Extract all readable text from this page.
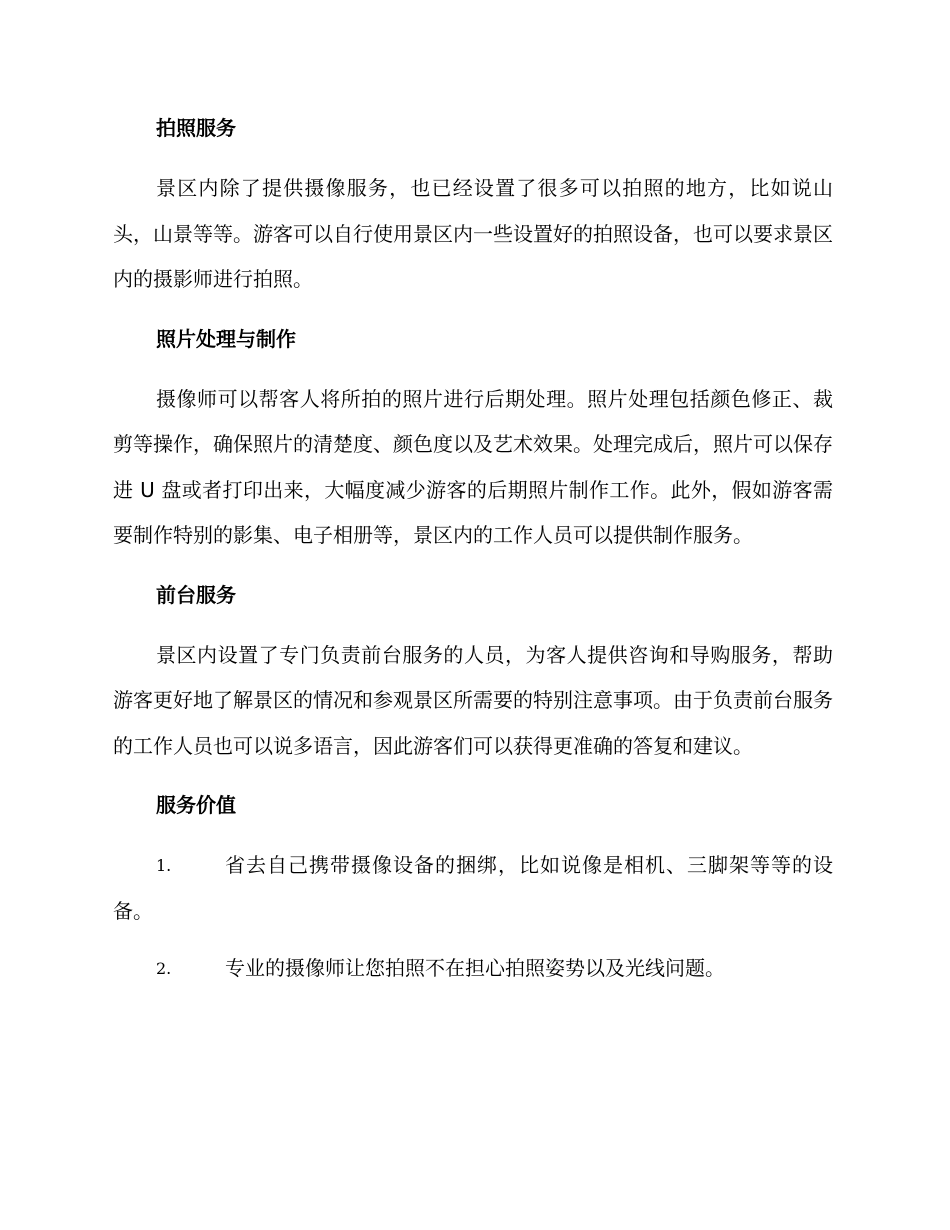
拍照服务

景区内除了提供摄像服务，也已经设置了很多可以拍照的地方，比如说山头，山景等等。游客可以自行使用景区内一些设置好的拍照设备，也可以要求景区内的摄影师进行拍照。

照片处理与制作

摄像师可以帮客人将所拍的照片进行后期处理。照片处理包括颜色修正、裁剪等操作，确保照片的清楚度、颜色度以及艺术效果。处理完成后，照片可以保存进 U 盘或者打印出来，大幅度减少游客的后期照片制作工作。此外，假如游客需要制作特别的影集、电子相册等，景区内的工作人员可以提供制作服务。

前台服务

景区内设置了专门负责前台服务的人员，为客人提供咨询和导购服务，帮助游客更好地了解景区的情况和参观景区所需要的特别注意事项。由于负责前台服务的工作人员也可以说多语言，因此游客们可以获得更准确的答复和建议。

服务价值
1.	省去自己携带摄像设备的捆绑，比如说像是相机、三脚架等等的设备。
2.	专业的摄像师让您拍照不在担心拍照姿势以及光线问题。
